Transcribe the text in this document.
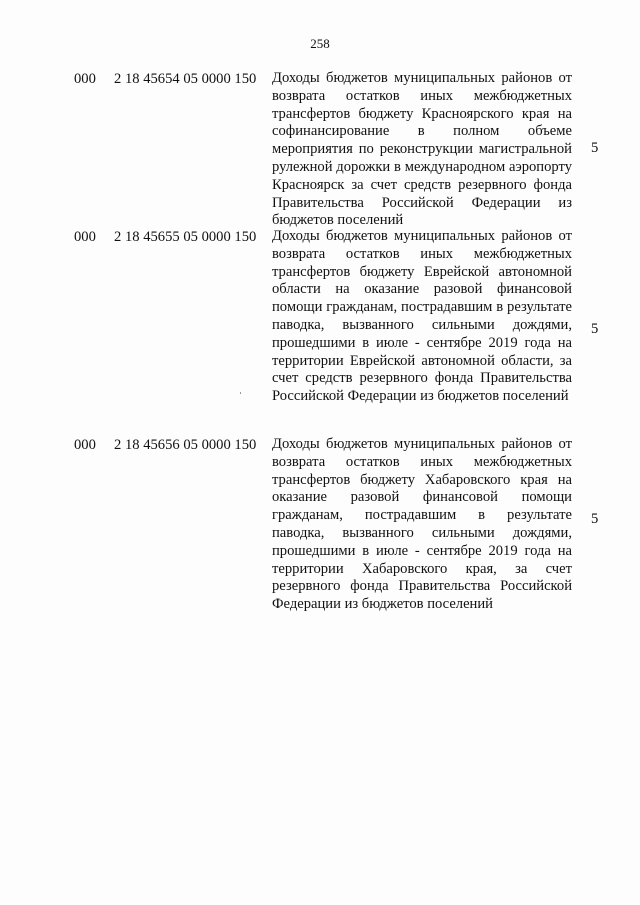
258
000 2 18 45654 05 0000 150 Доходы бюджетов муниципальных районов от возврата остатков иных межбюджетных трансфертов бюджету Красноярского края на софинансирование в полном объеме мероприятия по реконструкции магистральной рулежной дорожки в международном аэропорту Красноярск за счет средств резервного фонда Правительства Российской Федерации из бюджетов поселений
5
000 2 18 45655 05 0000 150 Доходы бюджетов муниципальных районов от возврата остатков иных межбюджетных трансфертов бюджету Еврейской автономной области на оказание разовой финансовой помощи гражданам, пострадавшим в результате паводка, вызванного сильными дождями, прошедшими в июле - сентябре 2019 года на территории Еврейской автономной области, за счет средств резервного фонда Правительства Российской Федерации из бюджетов поселений
5
000 2 18 45656 05 0000 150 Доходы бюджетов муниципальных районов от возврата остатков иных межбюджетных трансфертов бюджету Хабаровского края на оказание разовой финансовой помощи гражданам, пострадавшим в результате паводка, вызванного сильными дождями, прошедшими в июле - сентябре 2019 года на территории Хабаровского края, за счет резервного фонда Правительства Российской Федерации из бюджетов поселений
5
